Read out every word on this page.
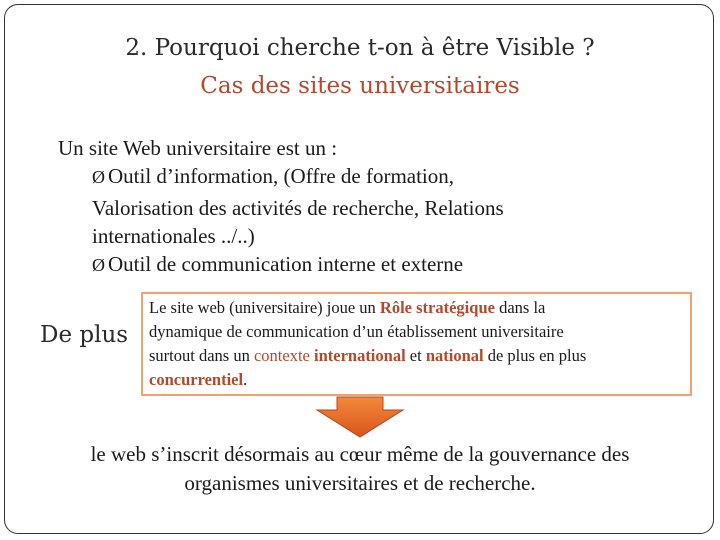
2. Pourquoi cherche t-on à être Visible ?
Cas des sites universitaires
Un site Web universitaire est un :
Ø Outil d’information, (Offre de formation,
Valorisation des activités de recherche, Relations
internationales ../..)
Ø Outil de communication interne et externe
De plus
Le site web (universitaire) joue un Rôle stratégique dans la
dynamique de communication d’un établissement universitaire
surtout dans un contexte international et national de plus en plus
concurrentiel.
le web s’inscrit désormais au cœur même de la gouvernance des
organismes universitaires et de recherche.
